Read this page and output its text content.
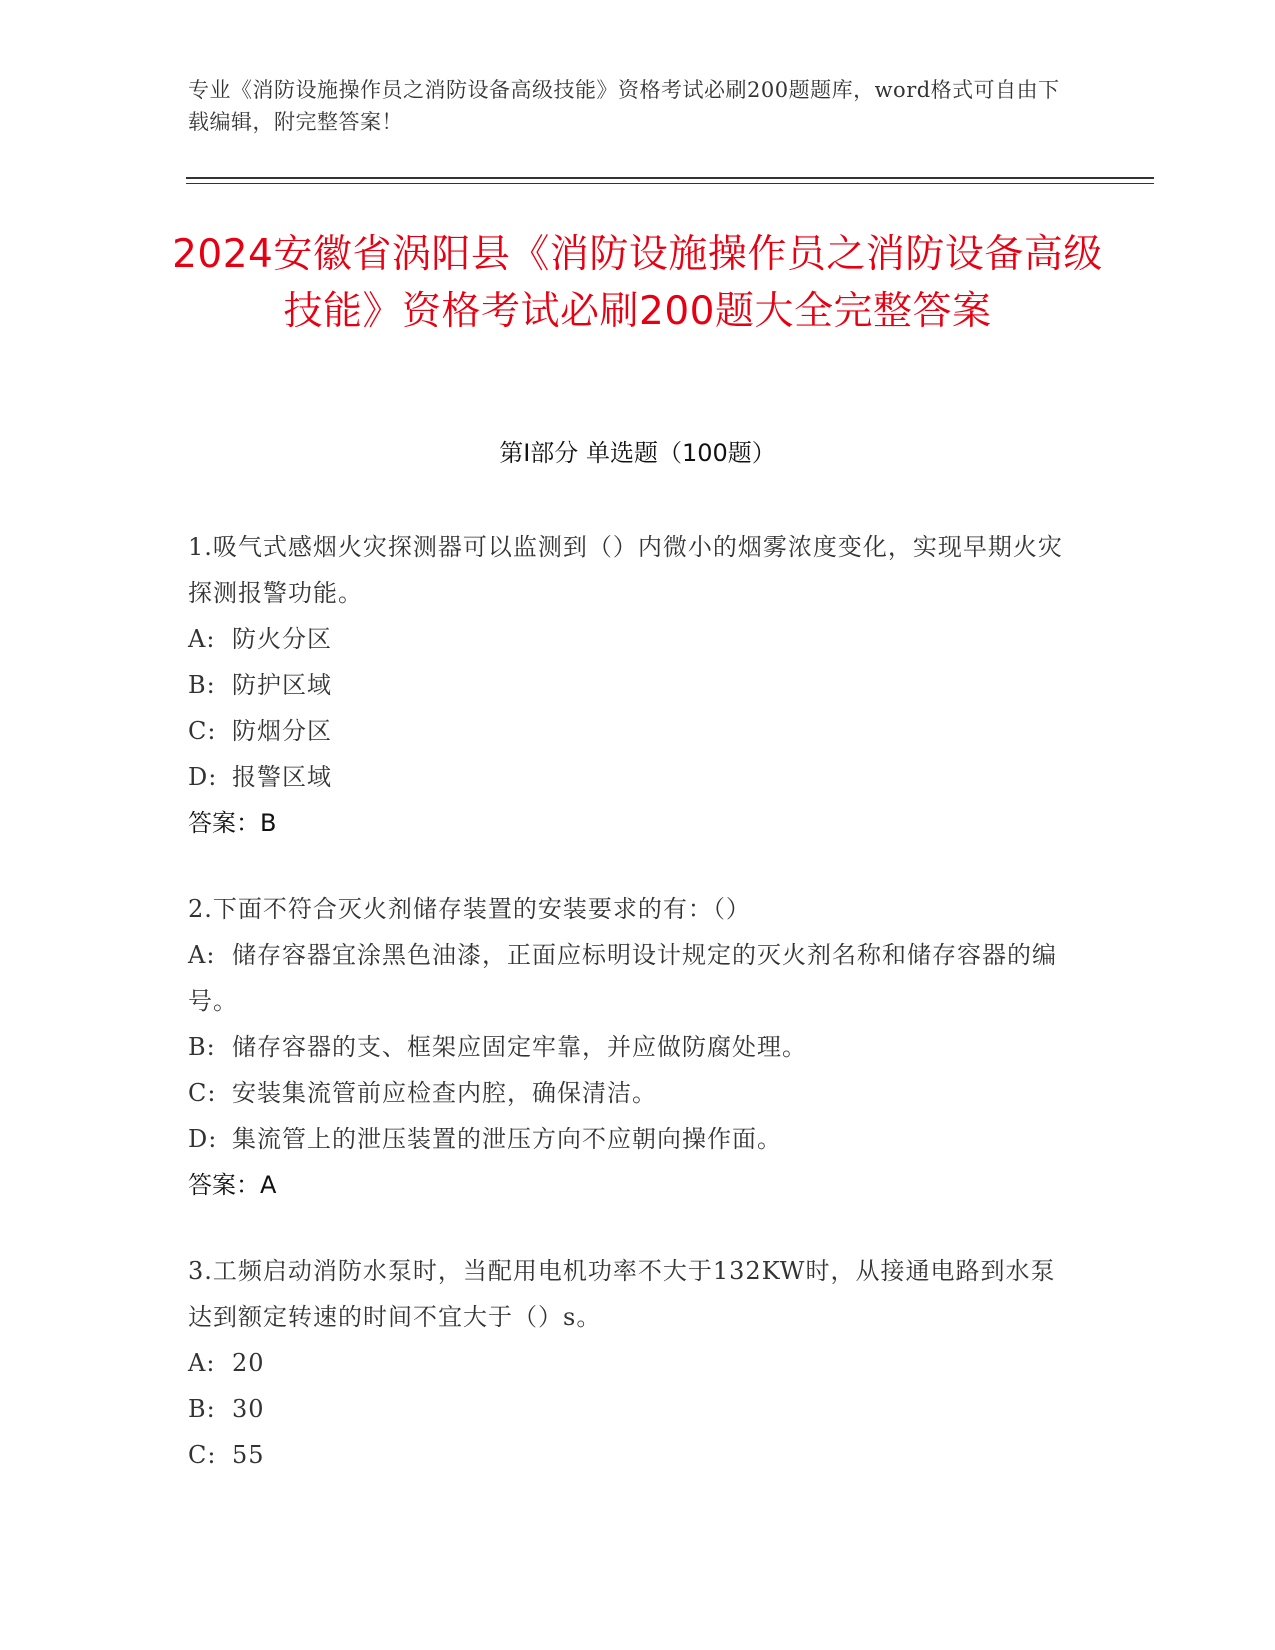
专业《消防设施操作员之消防设备高级技能》资格考试必刷200题题库，word格式可自由下载编辑，附完整答案！
2024安徽省涡阳县《消防设施操作员之消防设备高级技能》资格考试必刷200题大全完整答案
第Ⅰ部分 单选题（100题）
1.吸气式感烟火灾探测器可以监测到（）内微小的烟雾浓度变化，实现早期火灾探测报警功能。
A: 防火分区
B: 防护区域
C: 防烟分区
D: 报警区域
答案：B
2.下面不符合灭火剂储存装置的安装要求的有：（）
A: 储存容器宜涂黑色油漆，正面应标明设计规定的灭火剂名称和储存容器的编号。
B: 储存容器的支、框架应固定牢靠，并应做防腐处理。
C: 安装集流管前应检查内腔，确保清洁。
D: 集流管上的泄压装置的泄压方向不应朝向操作面。
答案：A
3.工频启动消防水泵时，当配用电机功率不大于132KW时，从接通电路到水泵达到额定转速的时间不宜大于（）s。
A: 20
B: 30
C: 55
